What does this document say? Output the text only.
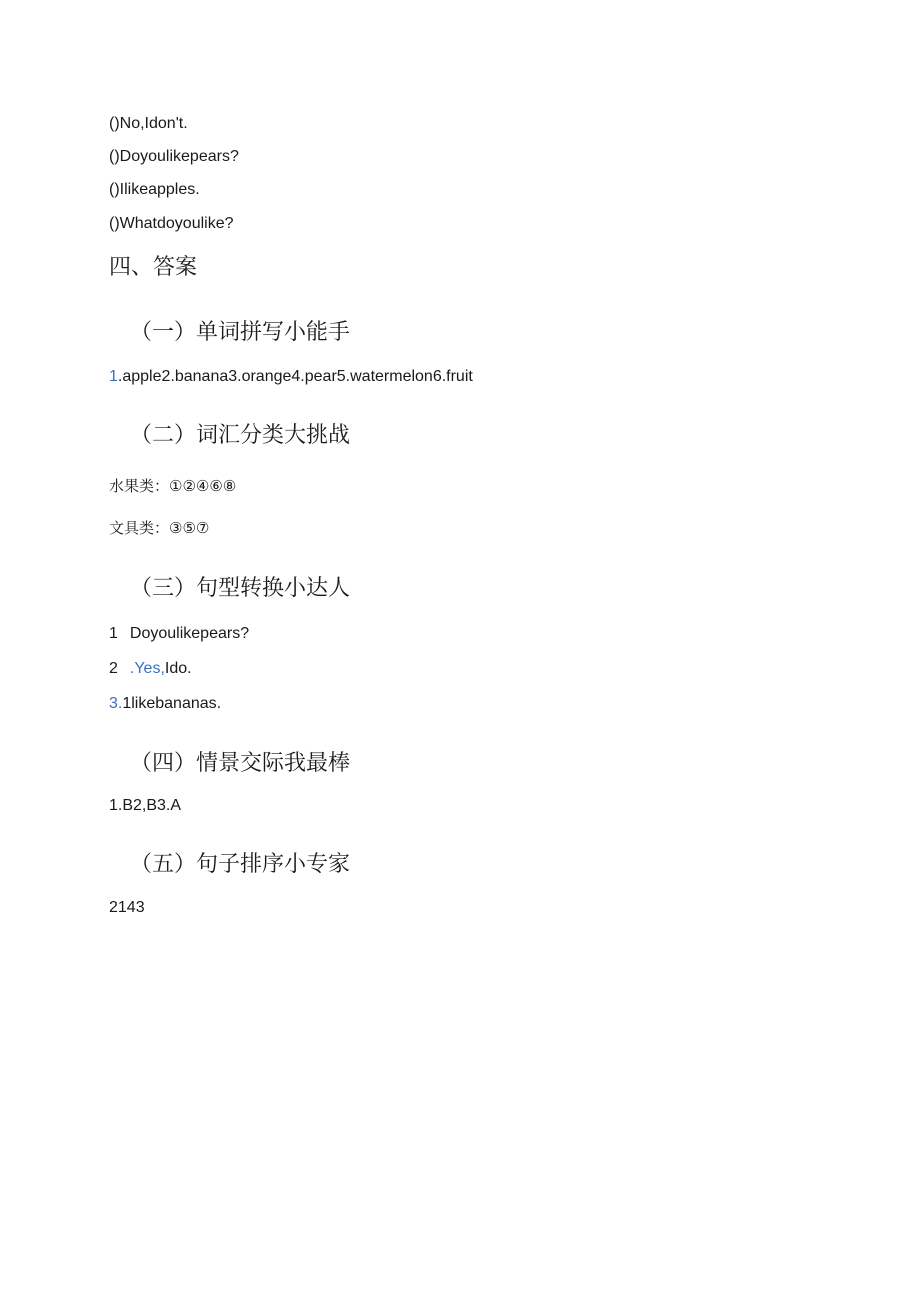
()No,Idon't.
()Doyoulikepears?
()Ilikeapples.
()Whatdoyoulike?
四、答案
（一）单词拼写小能手
1.apple2.banana3.orange4.pear5.watermelon6.fruit
（二）词汇分类大挑战
水果类：①②④⑥⑧
文具类：③⑤⑦
（三）句型转换小达人
1 Doyoulikepears?
2 .Yes,Ido.
3.1likebananas.
（四）情景交际我最棒
1.B2,B3.A
（五）句子排序小专家
2143
